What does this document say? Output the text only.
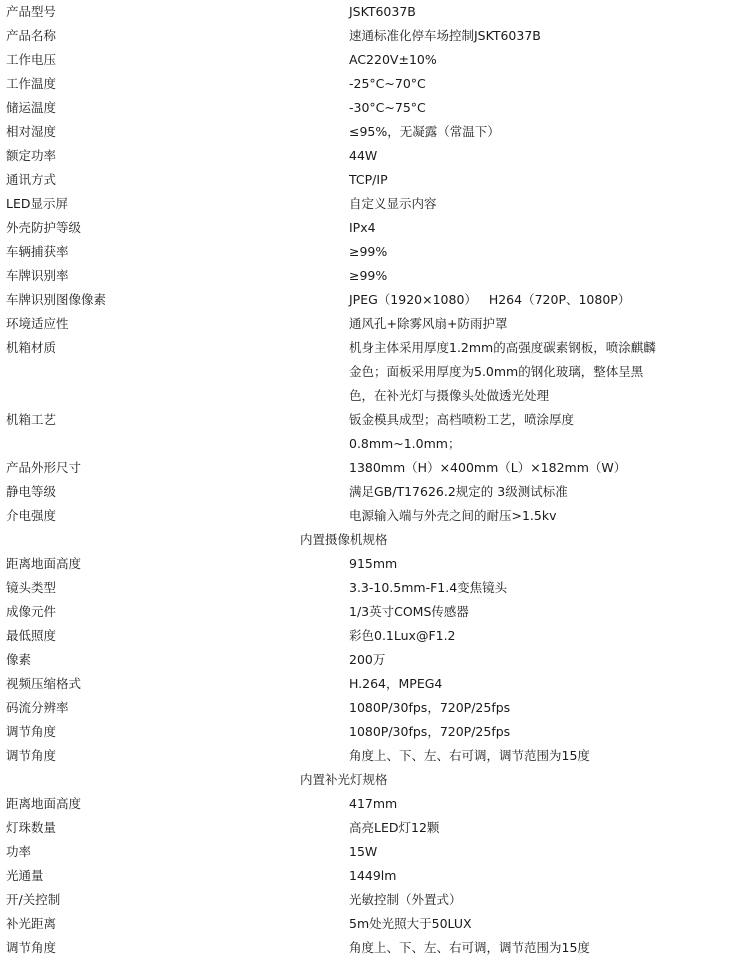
产品型号	JSKT6037B
产品名称	速通标准化停车场控制JSKT6037B
工作电压	AC220V±10%
工作温度	-25°C~70°C
储运温度	-30°C~75°C
相对湿度	≤95%，无凝露（常温下）
额定功率	44W
通讯方式	TCP/IP
LED显示屏	自定义显示内容
外壳防护等级	IPx4
车辆捕获率	≥99%
车牌识别率	≥99%
车牌识别图像像素	JPEG（1920×1080）   H264（720P、1080P）
环境适应性	通风孔+除雾风扇+防雨护罩
机箱材质	机身主体采用厚度1.2mm的高强度碳素钢板，喷涂麒麟
金色；面板采用厚度为5.0mm的钢化玻璃，整体呈黑
色，在补光灯与摄像头处做透光处理
机箱工艺	钣金模具成型；高档喷粉工艺，喷涂厚度
0.8mm~1.0mm；
产品外形尺寸	1380mm（H）×400mm（L）×182mm（W）
静电等级	满足GB/T17626.2规定的 3级测试标准
介电强度	电源输入端与外壳之间的耐压>1.5kv
内置摄像机规格
距离地面高度	915mm
镜头类型	3.3-10.5mm-F1.4变焦镜头
成像元件	1/3英寸COMS传感器
最低照度	彩色0.1Lux@F1.2
像素	200万
视频压缩格式	H.264，MPEG4
码流分辨率	1080P/30fps，720P/25fps
调节角度	1080P/30fps，720P/25fps
调节角度	角度上、下、左、右可调，调节范围为15度
内置补光灯规格
距离地面高度	417mm
灯珠数量	高亮LED灯12颗
功率	15W
光通量	1449lm
开/关控制	光敏控制（外置式）
补光距离	5m处光照大于50LUX
调节角度	角度上、下、左、右可调，调节范围为15度
